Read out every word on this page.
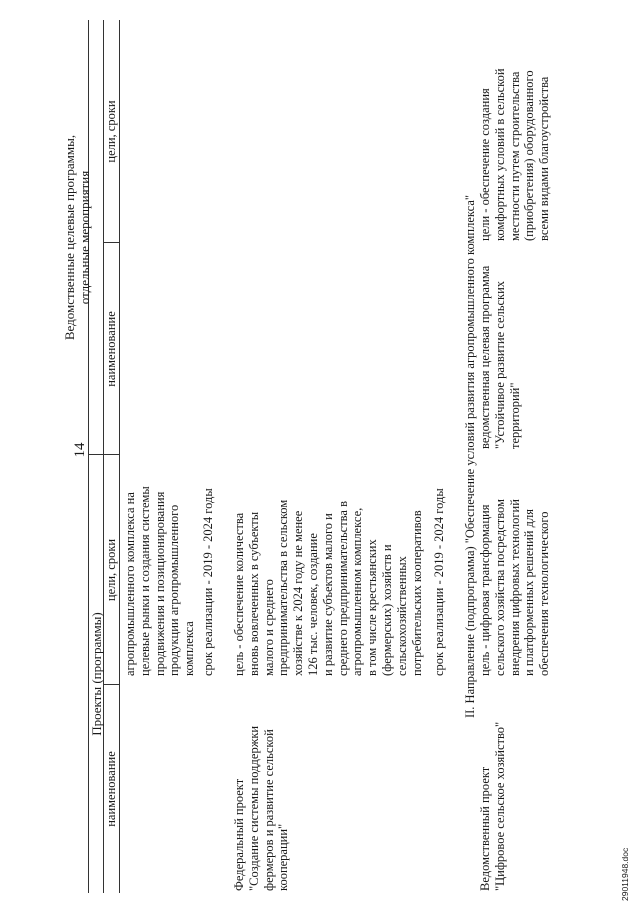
14
Проекты (программы)
Ведомственные целевые программы,
отдельные мероприятия
наименование
цели, сроки
наименование
цели, сроки
агропромышленного комплекса на
целевые рынки и создания системы
продвижения и позиционирования
продукции агропромышленного
комплекса срок реализации - 2019 - 2024 годы
Федеральный проект
"Создание системы поддержки
фермеров и развитие сельской
кооперации"
цель - обеспечение количества
вновь вовлеченных в субъекты
малого и среднего
предпринимательства в сельском
хозяйстве к 2024 году не менее
126 тыс. человек, создание
и развитие субъектов малого и
среднего предпринимательства в
агропромышленном комплексе,
в том числе крестьянских
(фермерских) хозяйств и
сельскохозяйственных
потребительских кооперативов срок реализации - 2019 - 2024 годы II. Направление (подпрограмма) "Обеспечение условий развития агропромышленного комплекса"
Ведомственный проект
"Цифровое сельское хозяйство"
цель - цифровая трансформация
сельского хозяйства посредством
внедрения цифровых технологий
и платформенных решений для
обеспечения технологического
ведомственная целевая программа
"Устойчивое развитие сельских
территорий"
цели - обеспечение создания
комфортных условий в сельской
местности путем строительства
(приобретения) оборудованного
всеми видами благоустройства
29011948.doc
